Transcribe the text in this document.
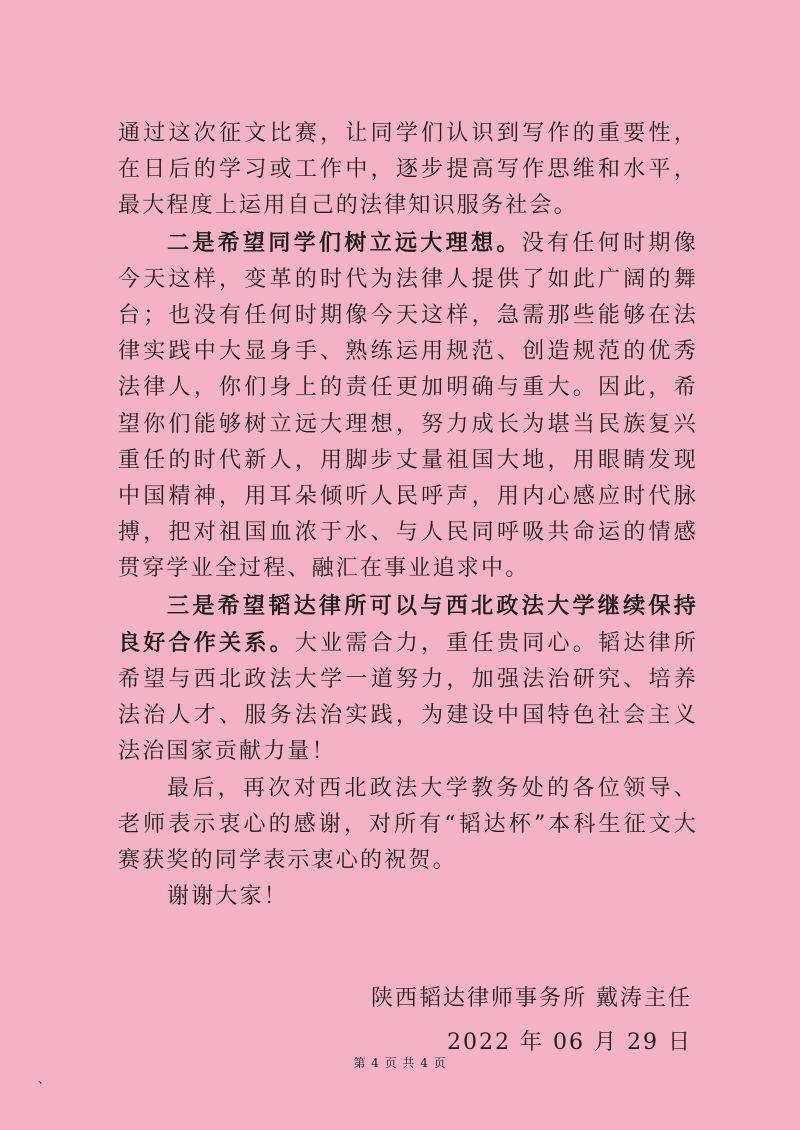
通过这次征文比赛，让同学们认识到写作的重要性，在日后的学习或工作中，逐步提高写作思维和水平，最大程度上运用自己的法律知识服务社会。

二是希望同学们树立远大理想。没有任何时期像今天这样，变革的时代为法律人提供了如此广阔的舞台；也没有任何时期像今天这样，急需那些能够在法律实践中大显身手、熟练运用规范、创造规范的优秀法律人，你们身上的责任更加明确与重大。因此，希望你们能够树立远大理想，努力成长为堪当民族复兴重任的时代新人，用脚步丈量祖国大地，用眼睛发现中国精神，用耳朵倾听人民呼声，用内心感应时代脉搏，把对祖国血浓于水、与人民同呼吸共命运的情感贯穿学业全过程、融汇在事业追求中。

三是希望韬达律所可以与西北政法大学继续保持良好合作关系。大业需合力，重任贵同心。韬达律所希望与西北政法大学一道努力，加强法治研究、培养法治人才、服务法治实践，为建设中国特色社会主义法治国家贡献力量！

最后，再次对西北政法大学教务处的各位领导、老师表示衷心的感谢，对所有“韬达杯”本科生征文大赛获奖的同学表示衷心的祝贺。

谢谢大家！

陕西韬达律师事务所 戴涛主任
2022 年 06 月 29 日
第 4 页 共 4 页
、
